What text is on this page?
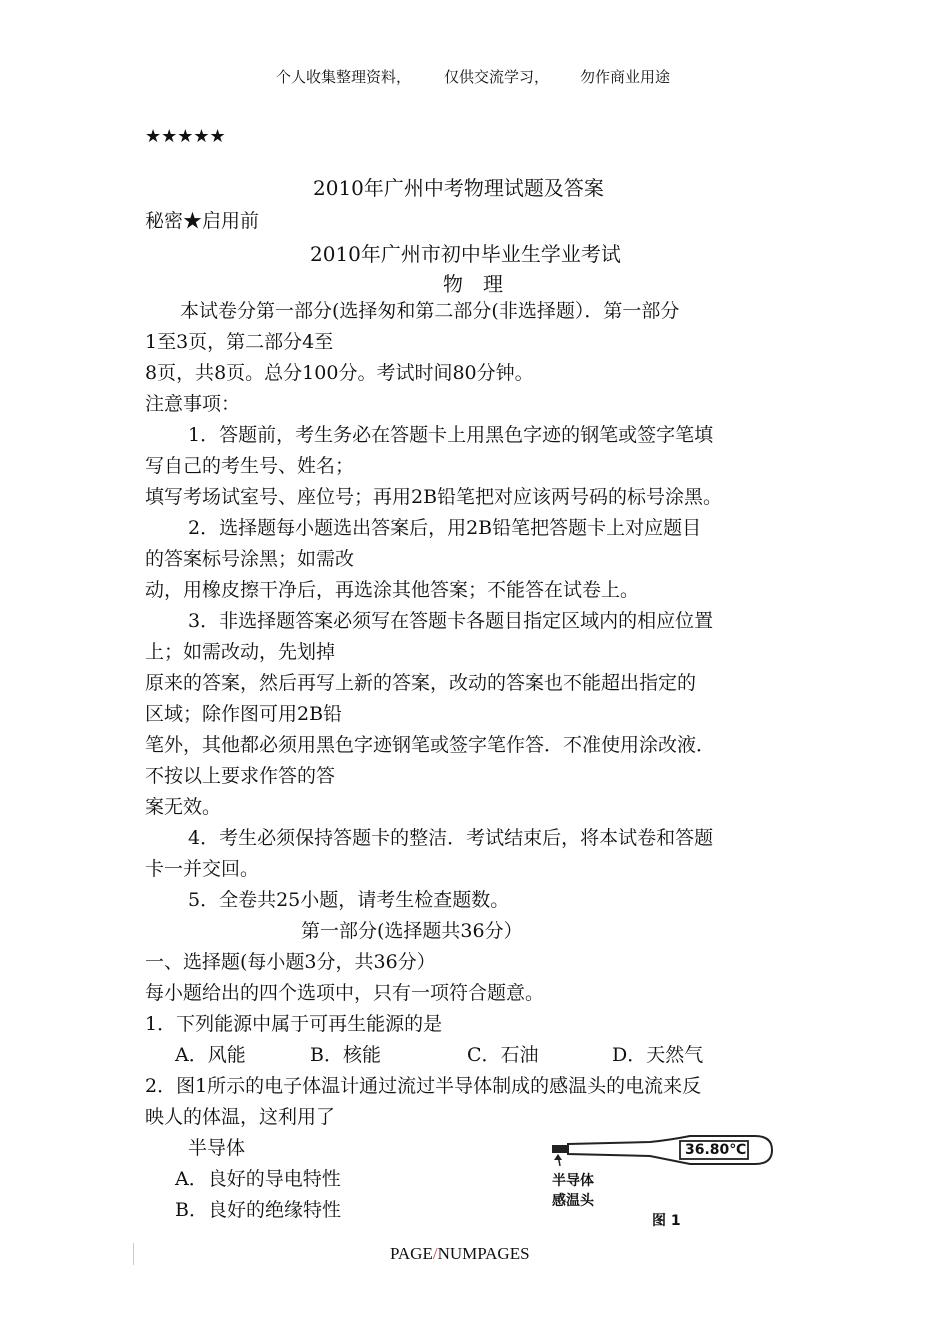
个人收集整理资料， 仅供交流学习， 勿作商业用途
★★★★★
2010年广州中考物理试题及答案
秘密★启用前
2010年广州市初中毕业生学业考试
物　理
本试卷分第一部分(选择匆和第二部分(非选择题）．第一部分
1至3页，第二部分4至
8页，共8页。总分100分。考试时间80分钟。
注意事项：
1．答题前，考生务必在答题卡上用黑色字迹的钢笔或签字笔填
写自己的考生号、姓名；
填写考场试室号、座位号；再用2B铅笔把对应该两号码的标号涂黑。
2．选择题每小题选出答案后，用2B铅笔把答题卡上对应题目
的答案标号涂黑；如需改
动，用橡皮擦干净后，再选涂其他答案；不能答在试卷上。
3．非选择题答案必须写在答题卡各题目指定区域内的相应位置
上；如需改动，先划掉
原来的答案，然后再写上新的答案，改动的答案也不能超出指定的
区域；除作图可用2B铅
笔外，其他都必须用黑色字迹钢笔或签字笔作答．不准使用涂改液．
不按以上要求作答的答
案无效。
4．考生必须保持答题卡的整洁．考试结束后，将本试卷和答题
卡一并交回。
5．全卷共25小题，请考生检查题数。
第一部分(选择题共36分）
一、选择题(每小题3分，共36分）
每小题给出的四个选项中，只有一项符合题意。
1．下列能源中属于可再生能源的是
A．风能	B．核能	C．石油	D．天然气
2．图1所示的电子体温计通过流过半导体制成的感温头的电流来反
映人的体温，这利用了
半导体
A．良好的导电特性
B．良好的绝缘特性
36.80℃
半导体
感温头
图 1
PAGE/NUMPAGES
